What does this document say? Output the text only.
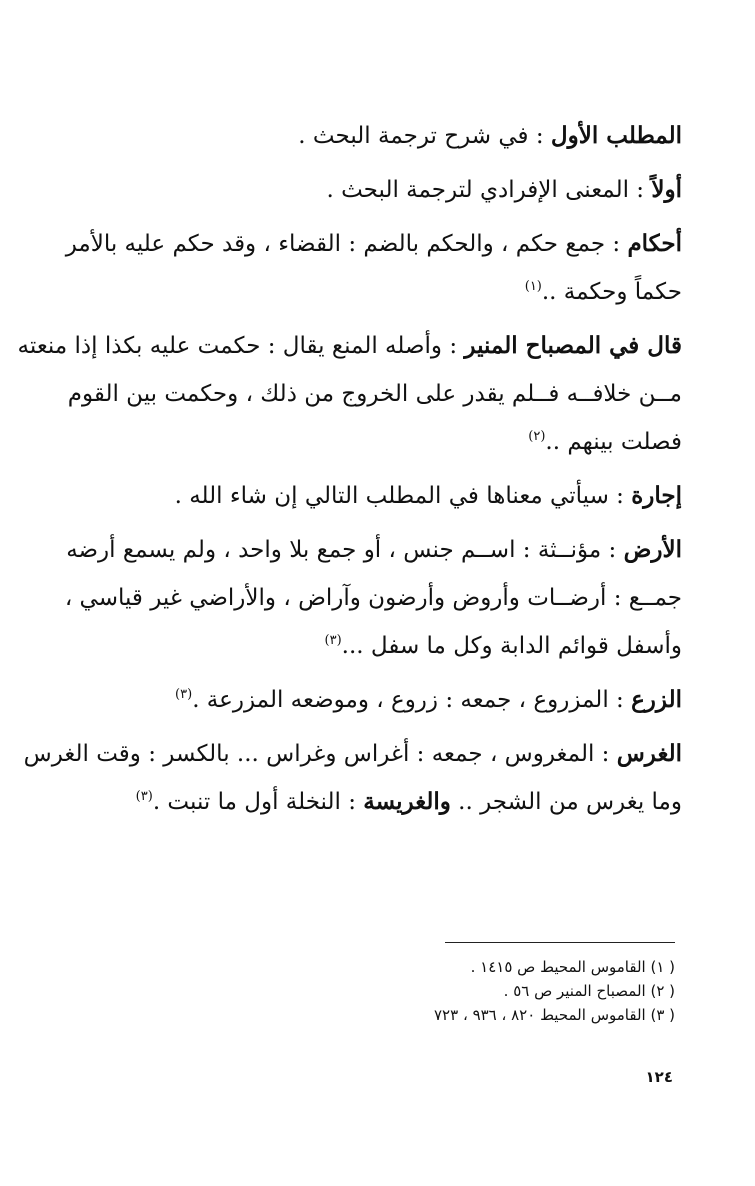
المطلب الأول : في شرح ترجمة البحث .
أولاً : المعنى الإفرادي لترجمة البحث .
أحكام : جمع حكم ، والحكم بالضم : القضاء ، وقد حكم عليه بالأمر
حكماً وحكمة ..$^{(١)}$
قال في المصباح المنير : وأصله المنع يقال : حكمت عليه بكذا إذا منعته
مــن خلافــه فــلم يقدر على الخروج من ذلك ، وحكمت بين القوم
فصلت بينهم ..$^{(٢)}$
إجارة : سيأتي معناها في المطلب التالي إن شاء الله .
الأرض : مؤنــثة : اســم جنس ، أو جمع بلا واحد ، ولم يسمع أرضه
جمــع : أرضــات وأروض وأرضون وآراض ، والأراضي غير قياسي ،
وأسفل قوائم الدابة وكل ما سفل ...$^{(٣)}$
الزرع : المزروع ، جمعه : زروع ، وموضعه المزرعة .$^{(٣)}$
الغرس : المغروس ، جمعه : أغراس وغراس ... بالكسر : وقت الغرس
وما يغرس من الشجر .. والغريسة : النخلة أول ما تنبت .$^{(٣)}$
( ١) القاموس المحيط ص ١٤١٥ .
( ٢) المصباح المنير ص ٥٦ .
( ٣) القاموس المحيط ٨٢٠ ، ٩٣٦ ، ٧٢٣
١٢٤
